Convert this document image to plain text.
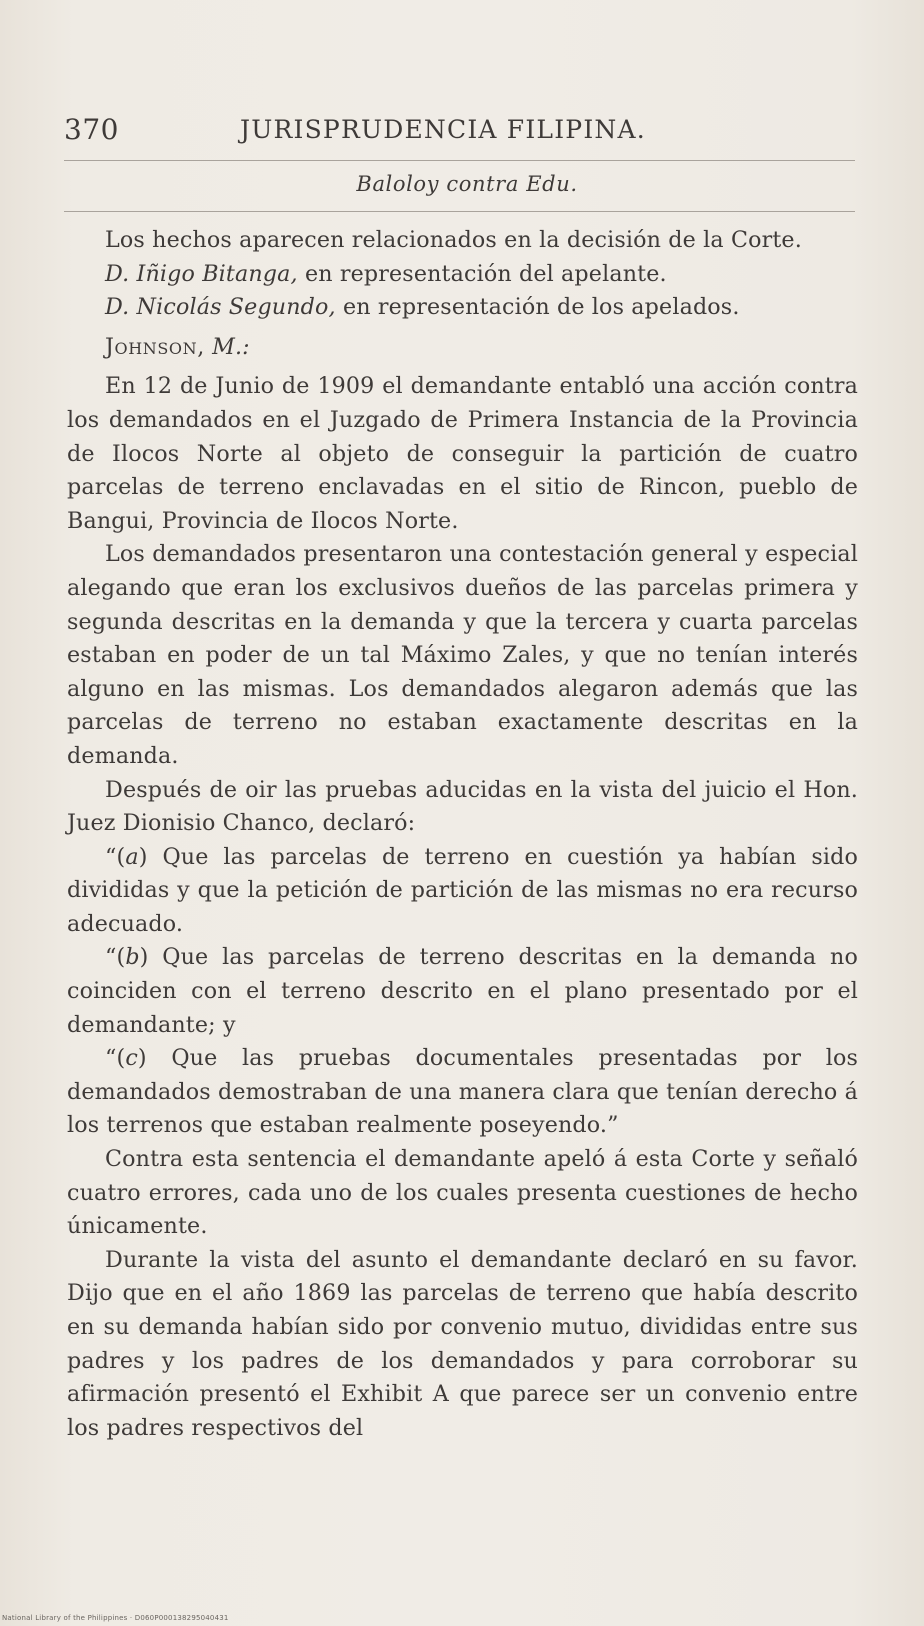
370	JURISPRUDENCIA FILIPINA.
Baloloy contra Edu.

Los hechos aparecen relacionados en la decisión de la Corte.

D. Iñigo Bitanga, en representación del apelante.

D. Nicolás Segundo, en representación de los apelados.

Johnson, M.:

En 12 de Junio de 1909 el demandante entabló una acción contra los demandados en el Juzgado de Primera Instancia de la Provincia de Ilocos Norte al objeto de conseguir la partición de cuatro parcelas de terreno enclavadas en el sitio de Rincon, pueblo de Bangui, Provincia de Ilocos Norte.

Los demandados presentaron una contestación general y especial alegando que eran los exclusivos dueños de las parcelas primera y segunda descritas en la demanda y que la tercera y cuarta parcelas estaban en poder de un tal Máximo Zales, y que no tenían interés alguno en las mismas. Los demandados alegaron además que las parcelas de terreno no estaban exactamente descritas en la demanda.

Después de oir las pruebas aducidas en la vista del juicio el Hon. Juez Dionisio Chanco, declaró:

“(a) Que las parcelas de terreno en cuestión ya habían sido divididas y que la petición de partición de las mismas no era recurso adecuado.

“(b) Que las parcelas de terreno descritas en la demanda no coinciden con el terreno descrito en el plano presentado por el demandante; y

“(c) Que las pruebas documentales presentadas por los demandados demostraban de una manera clara que tenían derecho á los terrenos que estaban realmente poseyendo.”

Contra esta sentencia el demandante apeló á esta Corte y señaló cuatro errores, cada uno de los cuales presenta cuestiones de hecho únicamente.

Durante la vista del asunto el demandante declaró en su favor. Dijo que en el año 1869 las parcelas de terreno que había descrito en su demanda habían sido por convenio mutuo, divididas entre sus padres y los padres de los demandados y para corroborar su afirmación presentó el Exhibit A que parece ser un convenio entre los padres respectivos del

National Library of the Philippines · D060P000138295040431
